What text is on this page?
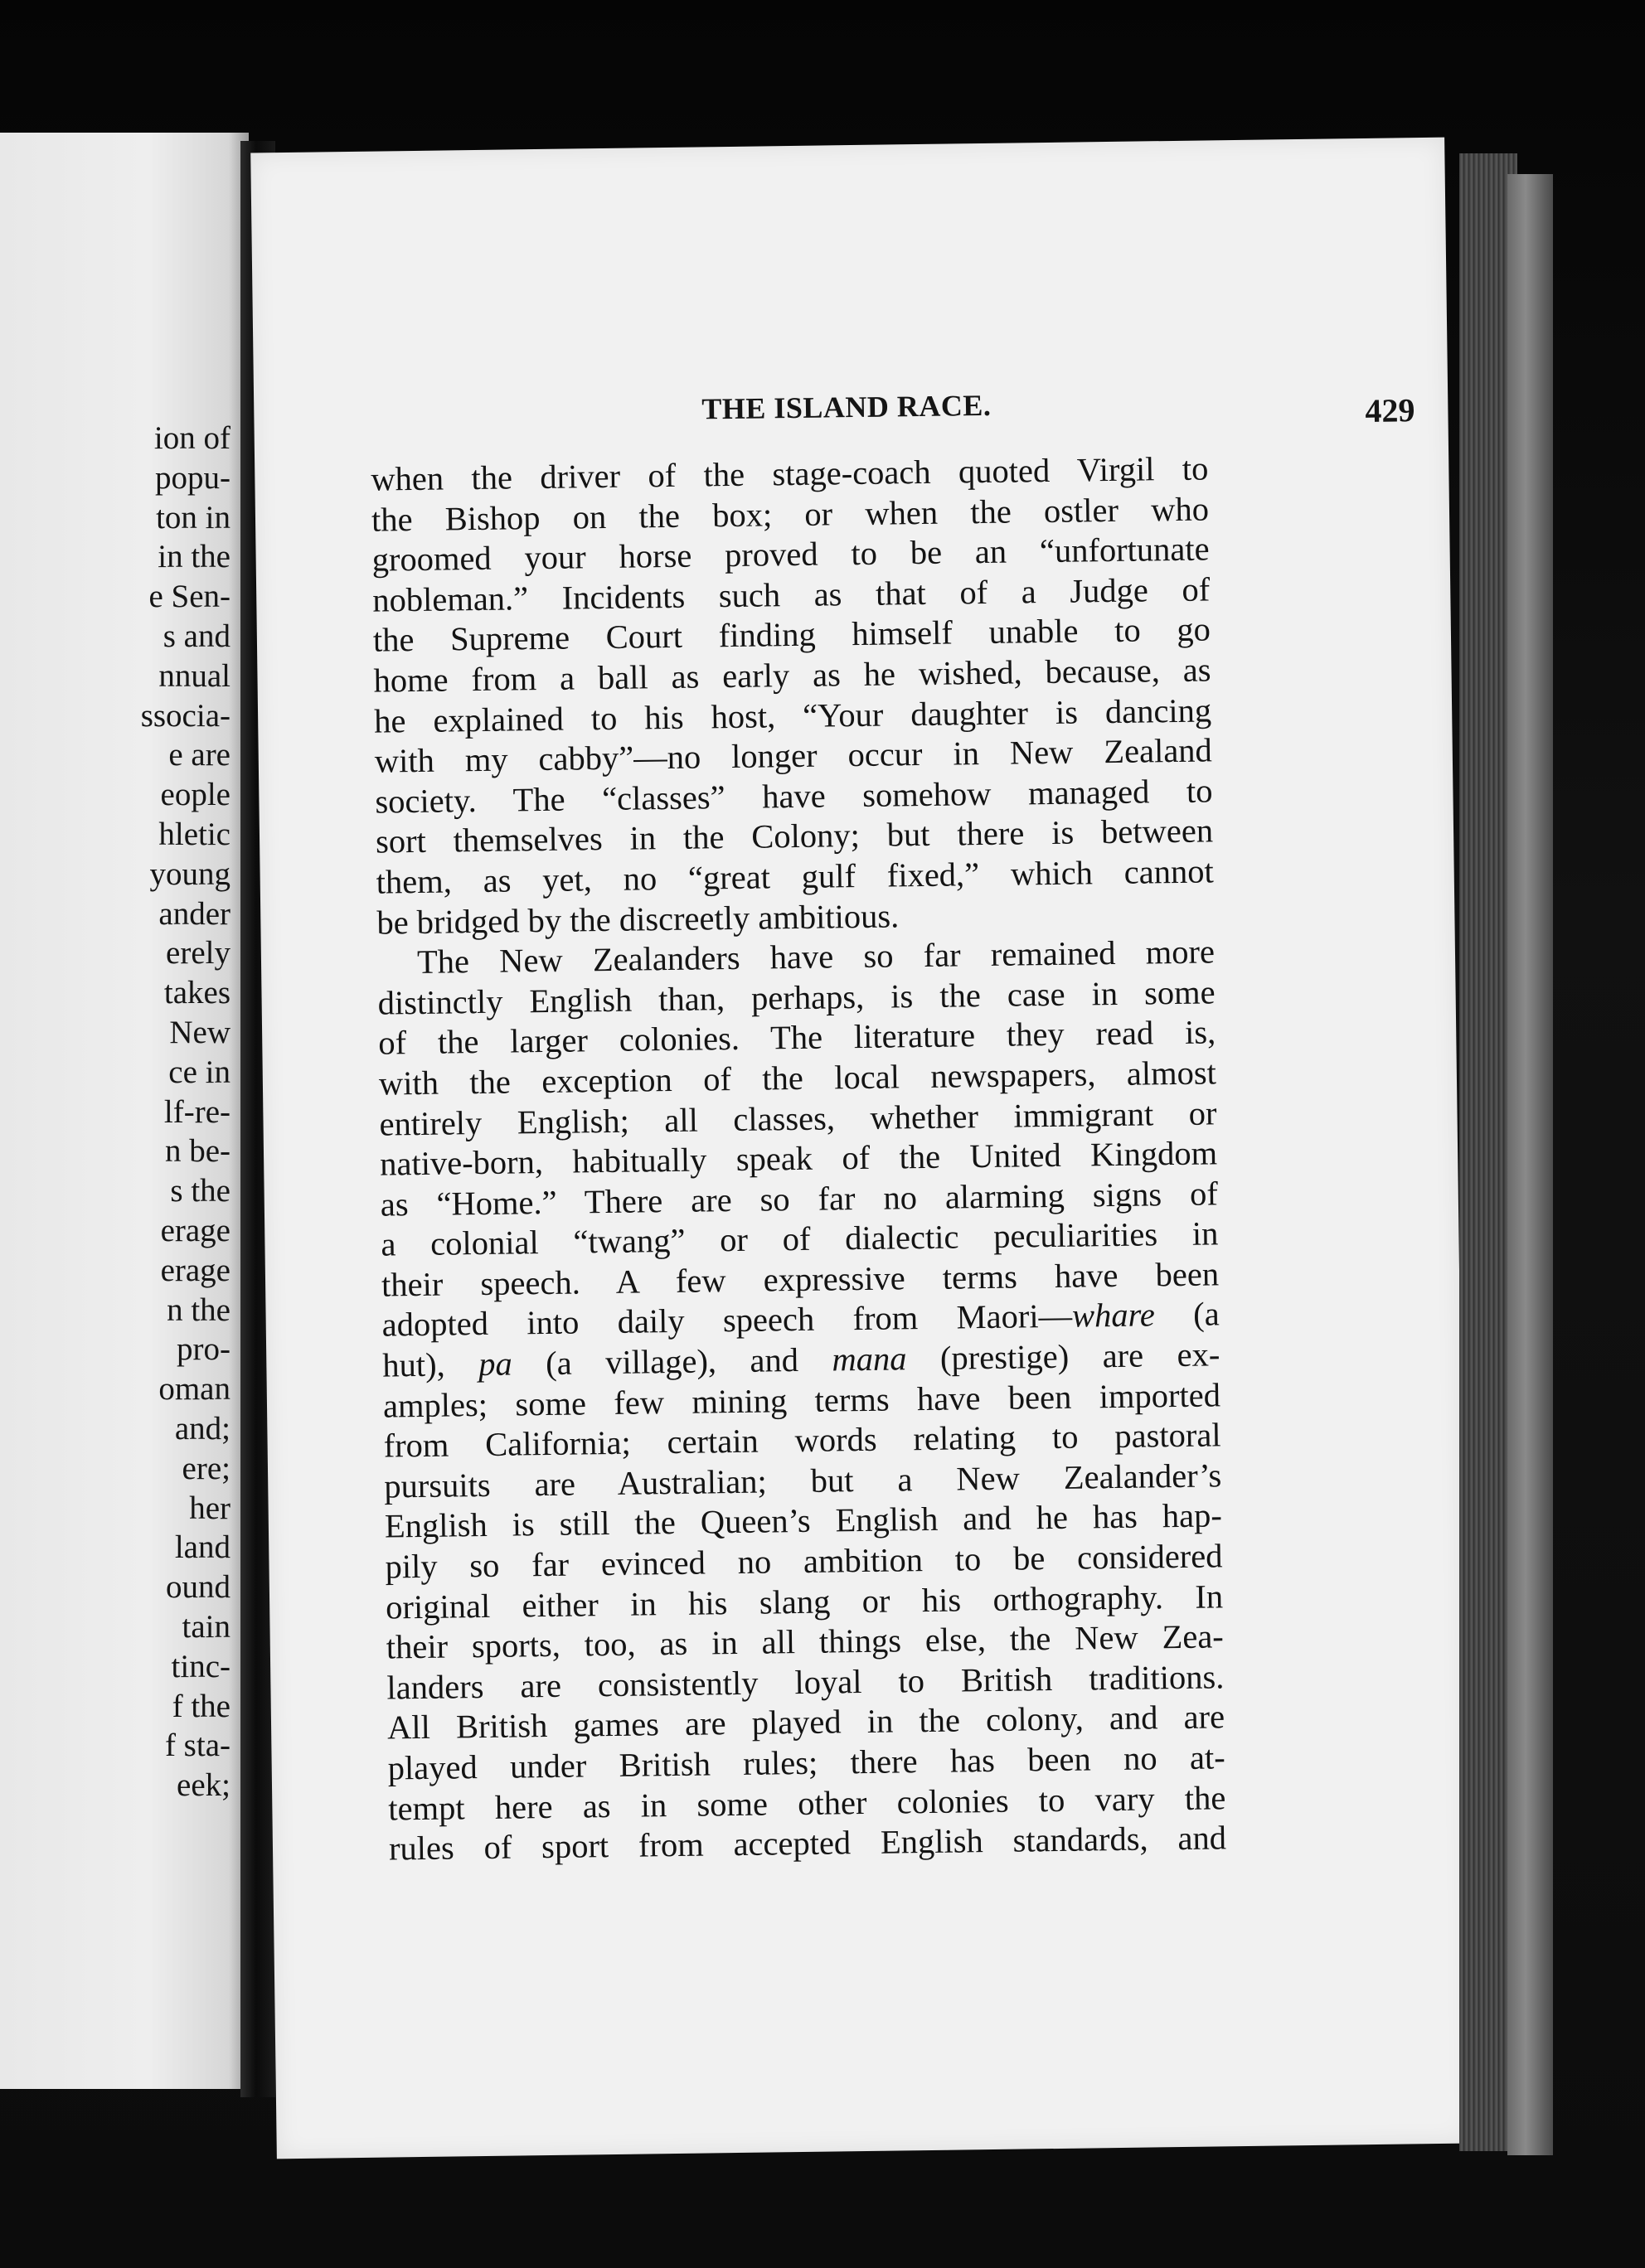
ion of
popu-
ton in
in the
e Sen-
s and
nnual
ssocia-
e are
eople
hletic
young
ander
erely
takes
New
ce in
lf-re-
n be-
s the
erage
erage
n the
pro-
oman
and;
ere;
her
land
ound
tain
tinc-
f the
f sta-
eek;
THE ISLAND RACE.	429
when the driver of the stage-coach quoted Virgil to
the Bishop on the box; or when the ostler who
groomed your horse proved to be an “unfortunate
nobleman.” Incidents such as that of a Judge of
the Supreme Court finding himself unable to go
home from a ball as early as he wished, because, as
he explained to his host, “Your daughter is dancing
with my cabby”—no longer occur in New Zealand
society. The “classes” have somehow managed to
sort themselves in the Colony; but there is between
them, as yet, no “great gulf fixed,” which cannot
be bridged by the discreetly ambitious.
The New Zealanders have so far remained more
distinctly English than, perhaps, is the case in some
of the larger colonies. The literature they read is,
with the exception of the local newspapers, almost
entirely English; all classes, whether immigrant or
native-born, habitually speak of the United Kingdom
as “Home.” There are so far no alarming signs of
a colonial “twang” or of dialectic peculiarities in
their speech. A few expressive terms have been
adopted into daily speech from Maori—whare (a
hut), pa (a village), and mana (prestige) are ex-
amples; some few mining terms have been imported
from California; certain words relating to pastoral
pursuits are Australian; but a New Zealander’s
English is still the Queen’s English and he has hap-
pily so far evinced no ambition to be considered
original either in his slang or his orthography. In
their sports, too, as in all things else, the New Zea-
landers are consistently loyal to British traditions.
All British games are played in the colony, and are
played under British rules; there has been no at-
tempt here as in some other colonies to vary the
rules of sport from accepted English standards, and
